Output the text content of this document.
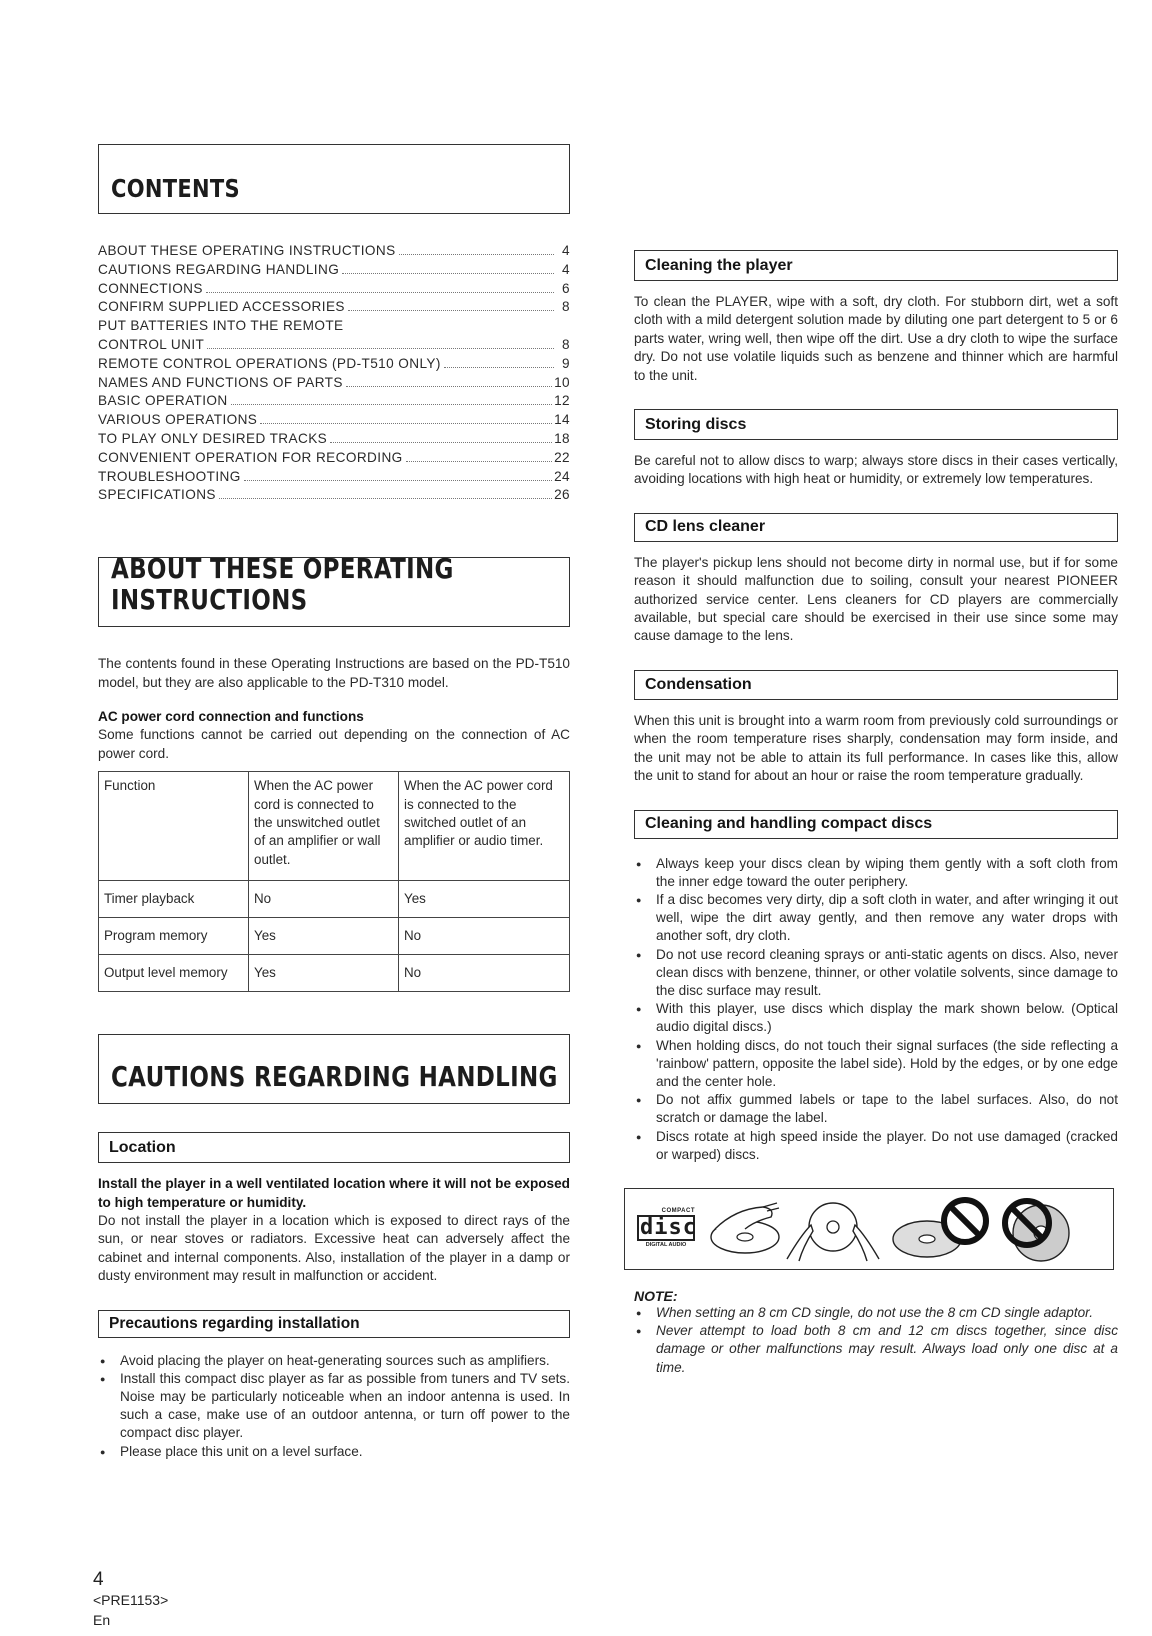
CONTENTS
ABOUT THESE OPERATING INSTRUCTIONS	4
CAUTIONS REGARDING HANDLING	4
CONNECTIONS	6
CONFIRM SUPPLIED ACCESSORIES	8
PUT BATTERIES INTO THE REMOTE
CONTROL UNIT	8
REMOTE CONTROL OPERATIONS (PD-T510 ONLY)	9
NAMES AND FUNCTIONS OF PARTS	10
BASIC OPERATION	12
VARIOUS OPERATIONS	14
TO PLAY ONLY DESIRED TRACKS	18
CONVENIENT OPERATION FOR RECORDING	22
TROUBLESHOOTING	24
SPECIFICATIONS	26
ABOUT THESE OPERATING INSTRUCTIONS

The contents found in these Operating Instructions are based on the PD-T510 model, but they are also applicable to the PD-T310 model.

AC power cord connection and functions

Some functions cannot be carried out depending on the connection of AC power cord.

Function	When the AC power cord is connected to the unswitched outlet of an amplifier or wall outlet.	When the AC power cord is connected to the switched outlet of an amplifier or audio timer.
Timer playback	No	Yes
Program memory	Yes	No
Output level memory	Yes	No
CAUTIONS REGARDING HANDLING
Location

Install the player in a well ventilated location where it will not be exposed to high temperature or humidity.

Do not install the player in a location which is exposed to direct rays of the sun, or near stoves or radiators. Excessive heat can adversely affect the cabinet and internal components. Also, installation of the player in a damp or dusty environment may result in malfunction or accident.

Precautions regarding installation
● Avoid placing the player on heat-generating sources such as amplifiers.
● Install this compact disc player as far as possible from tuners and TV sets. Noise may be particularly noticeable when an indoor antenna is used. In such a case, make use of an outdoor antenna, or turn off power to the compact disc player.
● Please place this unit on a level surface.
Cleaning the player

To clean the PLAYER, wipe with a soft, dry cloth. For stubborn dirt, wet a soft cloth with a mild detergent solution made by diluting one part detergent to 5 or 6 parts water, wring well, then wipe off the dirt. Use a dry cloth to wipe the surface dry. Do not use volatile liquids such as benzene and thinner which are harmful to the unit.

Storing discs

Be careful not to allow discs to warp; always store discs in their cases vertically, avoiding locations with high heat or humidity, or extremely low temperatures.

CD lens cleaner

The player's pickup lens should not become dirty in normal use, but if for some reason it should malfunction due to soiling, consult your nearest PIONEER authorized service center. Lens cleaners for CD players are commercially available, but special care should be exercised in their use since some may cause damage to the lens.

Condensation

When this unit is brought into a warm room from previously cold surroundings or when the room temperature rises sharply, condensation may form inside, and the unit may not be able to attain its full performance. In cases like this, allow the unit to stand for about an hour or raise the room temperature gradually.

Cleaning and handling compact discs
● Always keep your discs clean by wiping them gently with a soft cloth from the inner edge toward the outer periphery.
● If a disc becomes very dirty, dip a soft cloth in water, and after wringing it out well, wipe the dirt away gently, and then remove any water drops with another soft, dry cloth.
● Do not use record cleaning sprays or anti-static agents on discs. Also, never clean discs with benzene, thinner, or other volatile solvents, since damage to the disc surface may result.
● With this player, use discs which display the mark shown below. (Optical audio digital discs.)
● When holding discs, do not touch their signal surfaces (the side reflecting a 'rainbow' pattern, opposite the label side). Hold by the edges, or by one edge and the center hole.
● Do not affix gummed labels or tape to the label surfaces. Also, do not scratch or damage the label.
● Discs rotate at high speed inside the player. Do not use damaged (cracked or warped) discs.
COMPACT
disc
DIGITAL AUDIO
NOTE:
● When setting an 8 cm CD single, do not use the 8 cm CD single adaptor.
● Never attempt to load both 8 cm and 12 cm discs together, since disc damage or other malfunctions may result. Always load only one disc at a time.
4
<PRE1153>
En
